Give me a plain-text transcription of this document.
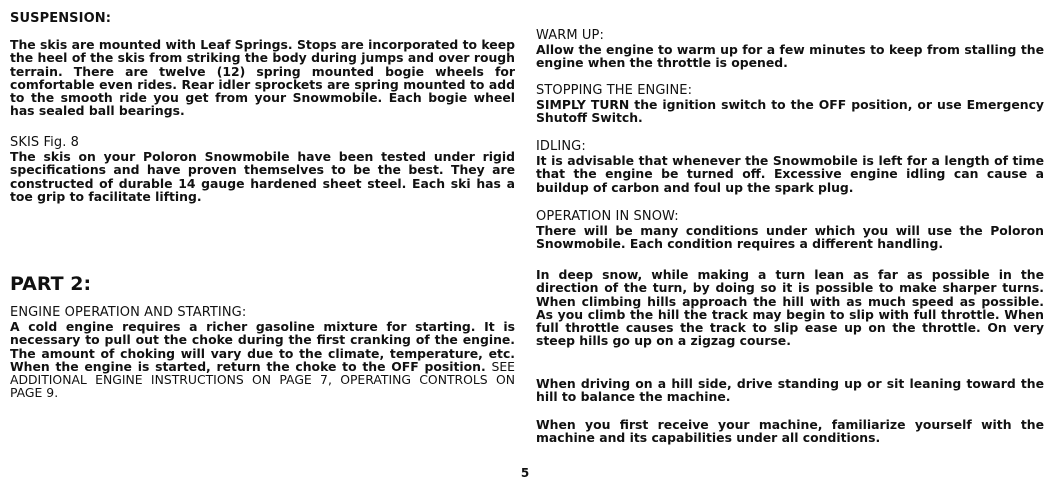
SUSPENSION:

The skis are mounted with Leaf Springs. Stops are incorporated to keep the heel of the skis from striking the body during jumps and over rough terrain. There are twelve (12) spring mounted bogie wheels for comfortable even rides. Rear idler sprockets are spring mounted to add to the smooth ride you get from your Snowmobile. Each bogie wheel has sealed ball bearings.

SKIS Fig. 8

The skis on your Poloron Snowmobile have been tested under rigid specifications and have proven themselves to be the best. They are constructed of durable 14 gauge hardened sheet steel. Each ski has a toe grip to facilitate lifting.

PART 2:

ENGINE OPERATION AND STARTING:

A cold engine requires a richer gasoline mixture for starting. It is necessary to pull out the choke during the first cranking of the engine. The amount of choking will vary due to the climate, temperature, etc. When the engine is started, return the choke to the OFF position. SEE ADDITIONAL ENGINE INSTRUCTIONS ON PAGE 7, OPERATING CONTROLS ON PAGE 9.

WARM UP:

Allow the engine to warm up for a few minutes to keep from stalling the engine when the throttle is opened.

STOPPING THE ENGINE:

SIMPLY TURN the ignition switch to the OFF position, or use Emergency Shutoff Switch.

IDLING:

It is advisable that whenever the Snowmobile is left for a length of time that the engine be turned off. Excessive engine idling can cause a buildup of carbon and foul up the spark plug.

OPERATION IN SNOW:

There will be many conditions under which you will use the Poloron Snowmobile. Each condition requires a different handling.

In deep snow, while making a turn lean as far as possible in the direction of the turn, by doing so it is possible to make sharper turns. When climbing hills approach the hill with as much speed as possible. As you climb the hill the track may begin to slip with full throttle. When full throttle causes the track to slip ease up on the throttle. On very steep hills go up on a zigzag course.

When driving on a hill side, drive standing up or sit leaning toward the hill to balance the machine.

When you first receive your machine, familiarize yourself with the machine and its capabilities under all conditions.

5
